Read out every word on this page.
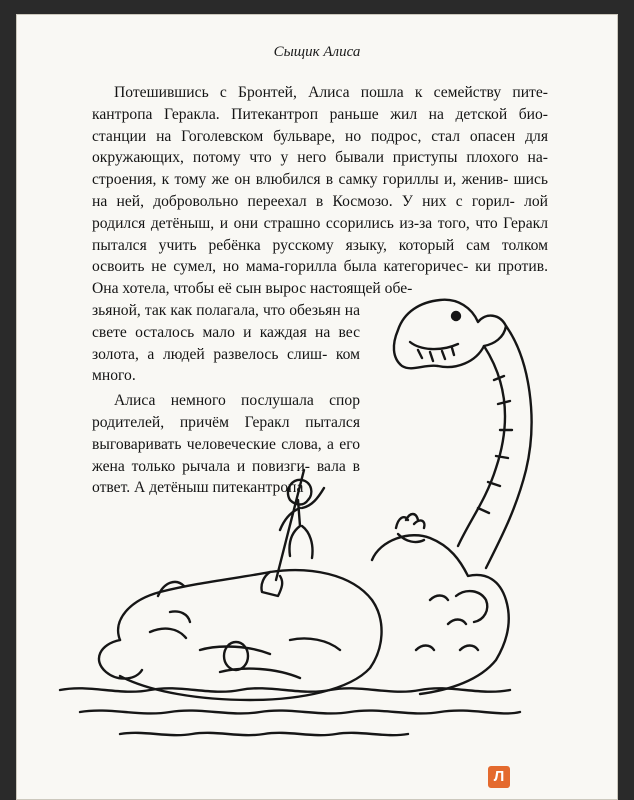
Сыщик Алиса

Потешившись с Бронтей, Алиса пошла к семейству пите- кантропа Геракла. Питекантроп раньше жил на детской био- станции на Гоголевском бульваре, но подрос, стал опасен для окружающих, потому что у него бывали приступы плохого на- строения, к тому же он влюбился в самку гориллы и, женив- шись на ней, добровольно переехал в Космозо. У них с горил- лой родился детёныш, и они страшно ссорились из-за того, что Геракл пытался учить ребёнка русскому языку, который сам толком освоить не сумел, но мама-горилла была категоричес- ки против. Она хотела, чтобы её сын вырос настоящей обе-

зьяной, так как полагала, что обезьян на свете осталось мало и каждая на вес золота, а людей развелось слиш- ком много.

Алиса немного послушала спор родителей, причём Геракл пытался выговаривать человеческие слова, а его жена только рычала и повизги- вала в ответ. А детёныш питекантропа

Л
